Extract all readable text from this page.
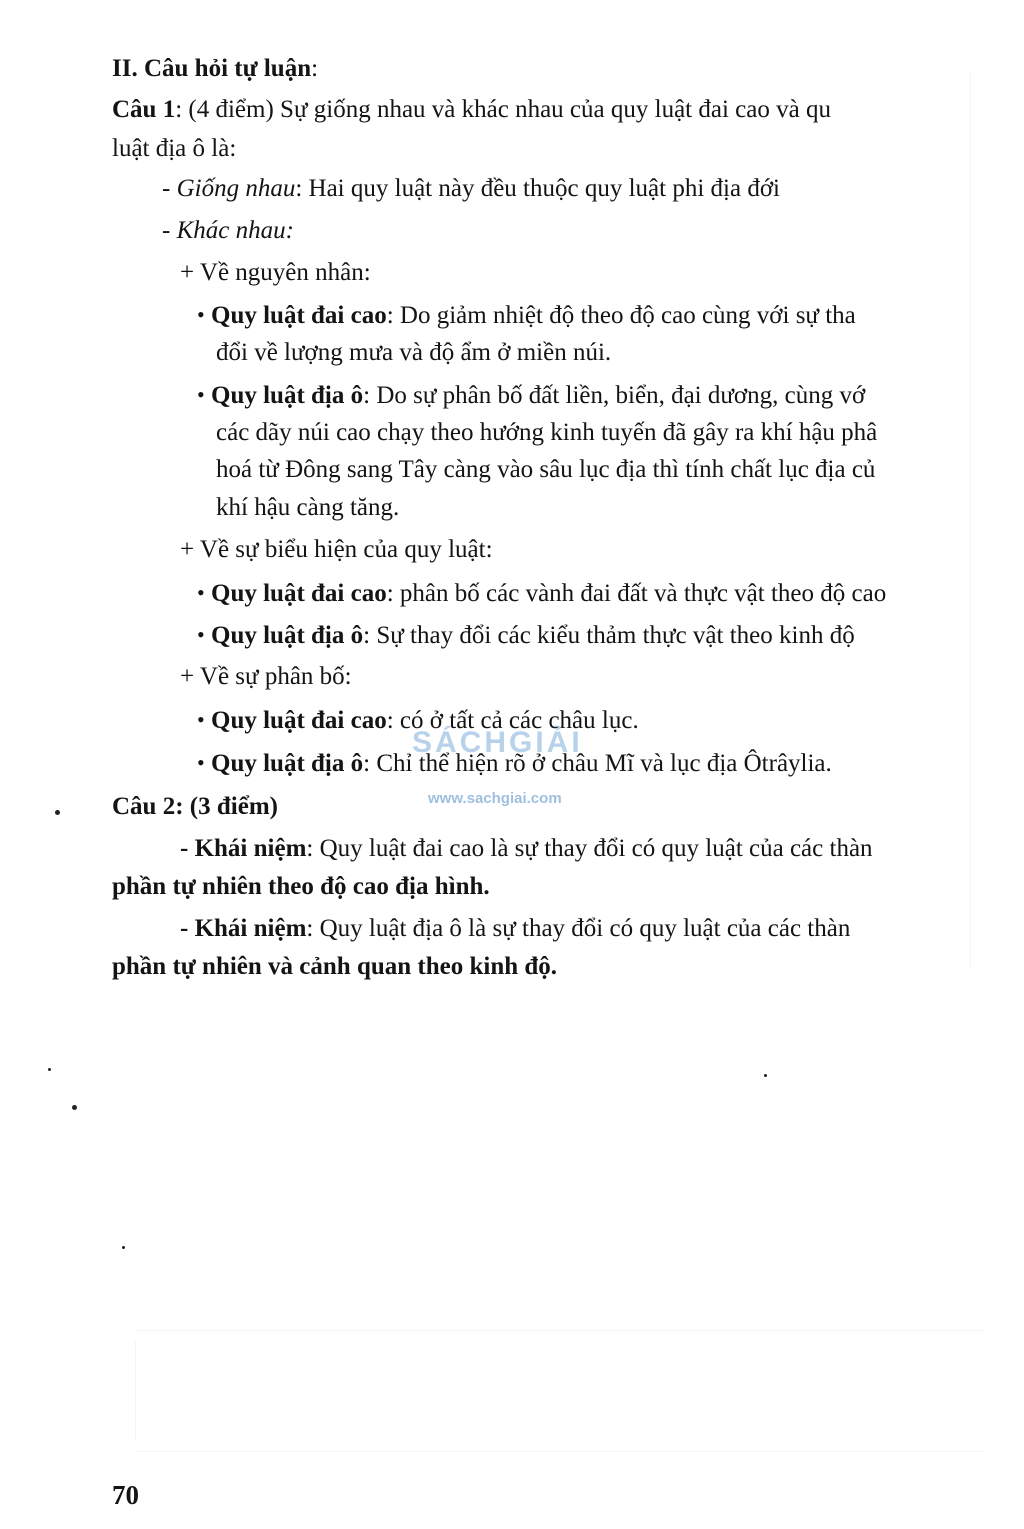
II. Câu hỏi tự luận:
Câu 1: (4 điểm) Sự giống nhau và khác nhau của quy luật đai cao và qu
luật địa ô là:
- Giống nhau: Hai quy luật này đều thuộc quy luật phi địa đới
- Khác nhau:
+ Về nguyên nhân:
• Quy luật đai cao: Do giảm nhiệt độ theo độ cao cùng với sự tha
đổi về lượng mưa và độ ẩm ở miền núi.
• Quy luật địa ô: Do sự phân bố đất liền, biển, đại dương, cùng vớ
các dãy núi cao chạy theo hướng kinh tuyến đã gây ra khí hậu phâ
hoá từ Đông sang Tây càng vào sâu lục địa thì tính chất lục địa củ
khí hậu càng tăng.
+ Về sự biểu hiện của quy luật:
• Quy luật đai cao: phân bố các vành đai đất và thực vật theo độ cao
• Quy luật địa ô: Sự thay đổi các kiểu thảm thực vật theo kinh độ
+ Về sự phân bố:
• Quy luật đai cao: có ở tất cả các châu lục.
• Quy luật địa ô: Chỉ thể hiện rõ ở châu Mĩ và lục địa Ôtrâylia.
Câu 2: (3 điểm)
- Khái niệm: Quy luật đai cao là sự thay đổi có quy luật của các thàn
phần tự nhiên theo độ cao địa hình.
- Khái niệm: Quy luật địa ô là sự thay đổi có quy luật của các thàn
phần tự nhiên và cảnh quan theo kinh độ.
SÁCHGIẢI
www.sachgiai.com
70
